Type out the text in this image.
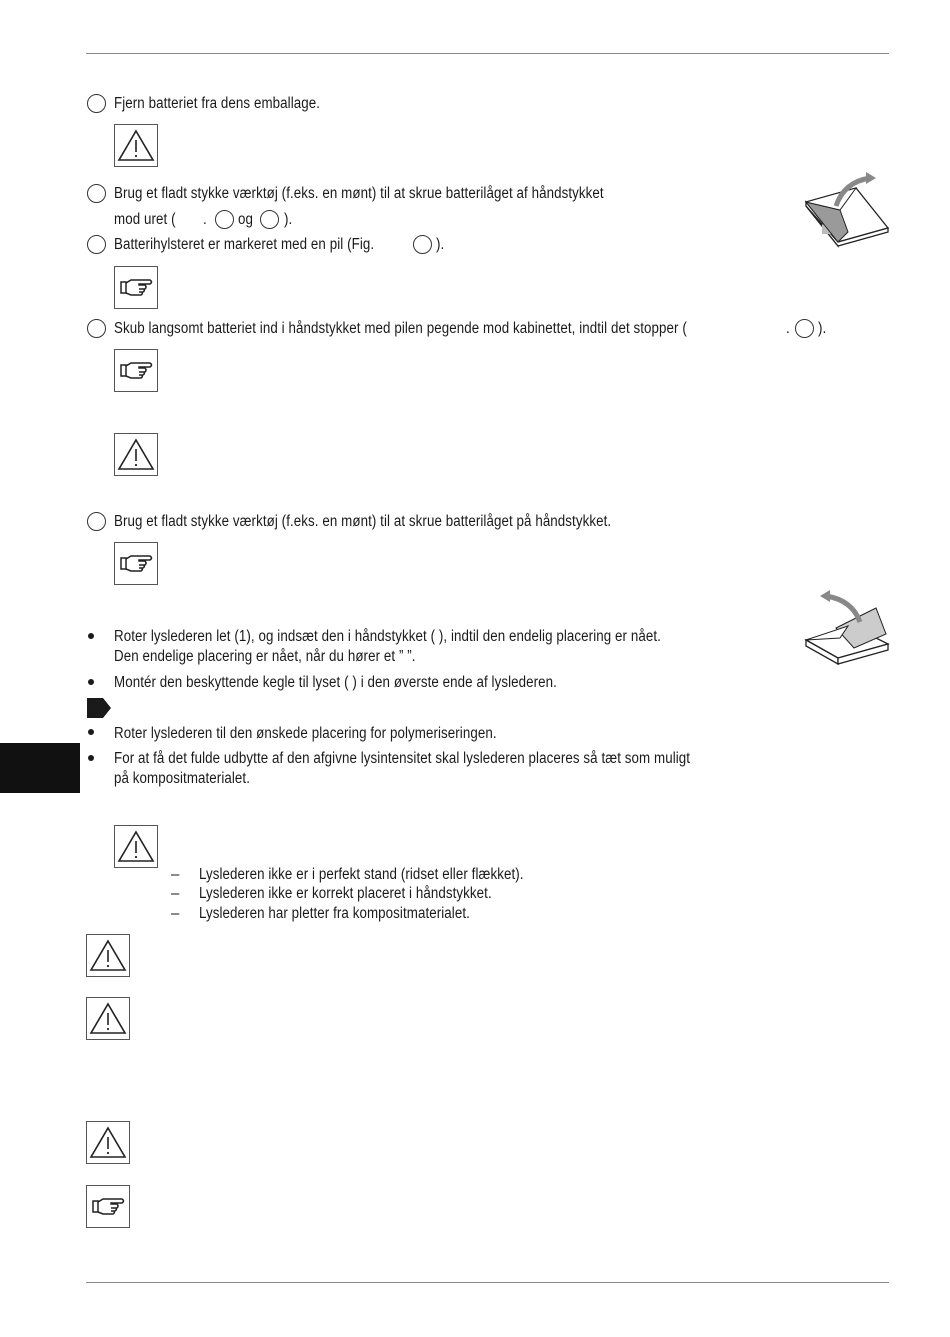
Fjern batteriet fra dens emballage.
Brug et fladt stykke værktøj (f.eks. en mønt) til at skrue batterilåget af håndstykket
mod uret ( . og ).
Batterihylsteret er markeret med en pil (Fig.	).
Skub langsomt batteriet ind i håndstykket med pilen pegende mod kabinettet, indtil det stopper (	. ).
Brug et fladt stykke værktøj (f.eks. en mønt) til at skrue batterilåget på håndstykket.
Roter lyslederen let (1), og indsæt den i håndstykket ( ), indtil den endelig placering er nået.
Den endelige placering er nået, når du hører et ” ”.
Montér den beskyttende kegle til lyset ( ) i den øverste ende af lyslederen.
Roter lyslederen til den ønskede placering for polymeriseringen.
For at få det fulde udbytte af den afgivne lysintensitet skal lyslederen placeres så tæt som muligt
på kompositmaterialet.
– Lyslederen ikke er i perfekt stand (ridset eller flækket).
– Lyslederen ikke er korrekt placeret i håndstykket.
– Lyslederen har pletter fra kompositmaterialet.
